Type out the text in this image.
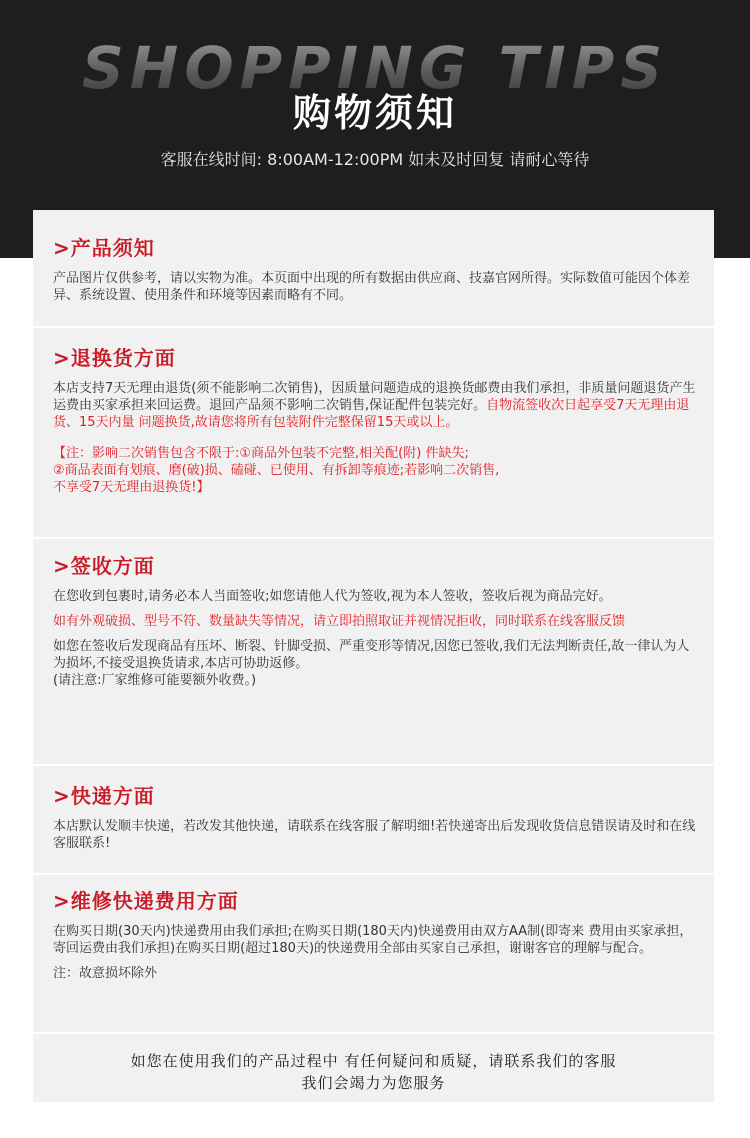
SHOPPING TIPS
购物须知
客服在线时间: 8:00AM-12:00PM 如未及时回复 请耐心等待
>产品须知
产品图片仅供参考，请以实物为准。本页面中出现的所有数据由供应商、技嘉官网所得。实际数值可能因个体差异、系统设置、使用条件和环境等因素而略有不同。
>退换货方面
本店支持7天无理由退货(须不能影响二次销售)，因质量问题造成的退换货邮费由我们承担，非质量问题退货产生运费由买家承担来回运费。退回产品须不影响二次销售,保证配件包装完好。自物流签收次日起享受7天无理由退货、15天内量 问题换货,故请您将所有包装附件完整保留15天或以上。
【注：影响二次销售包含不限于:①商品外包装不完整,相关配(附) 件缺失;
②商品表面有划痕、磨(破)损、磕碰、已使用、有拆卸等痕迹;若影响二次销售,
不享受7天无理由退换货!】
>签收方面
在您收到包裹时,请务必本人当面签收;如您请他人代为签收,视为本人签收，签收后视为商品完好。
如有外观破损、型号不符、数量缺失等情况，请立即拍照取证并视情况拒收，同时联系在线客服反馈
如您在签收后发现商品有压坏、断裂、针脚受损、严重变形等情况,因您已签收,我们无法判断责任,故一律认为人为损坏,不接受退换货请求,本店可协助返修。
(请注意:厂家维修可能要额外收费。)
>快递方面
本店默认发顺丰快递，若改发其他快递，请联系在线客服了解明细!若快递寄出后发现收货信息错误请及时和在线客服联系!
>维修快递费用方面
在购买日期(30天内)快递费用由我们承担;在购买日期(180天内)快递费用由双方AA制(即寄来 费用由买家承担，寄回运费由我们承担)在购买日期(超过180天)的快递费用全部由买家自己承担，谢谢客官的理解与配合。
注：故意损坏除外
如您在使用我们的产品过程中 有任何疑问和质疑，请联系我们的客服
我们会竭力为您服务
